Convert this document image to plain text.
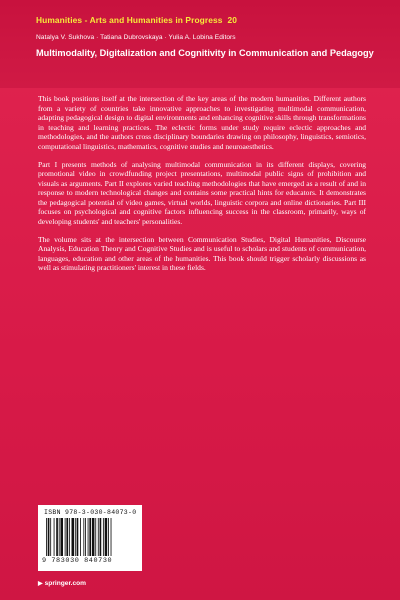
Humanities - Arts and Humanities in Progress 20
Natalya V. Sukhova · Tatiana Dubrovskaya · Yulia A. Lobina Editors
Multimodality, Digitalization and Cognitivity in Communication and Pedagogy

This book positions itself at the intersection of the key areas of the modern humanities. Different authors from a variety of countries take innovative approaches to investigating multimodal communication, adapting pedagogical design to digital environments and enhancing cognitive skills through transformations in teaching and learning practices. The eclectic forms under study require eclectic approaches and methodologies, and the authors cross disciplinary boundaries drawing on philosophy, linguistics, semiotics, computational linguistics, mathematics, cognitive studies and neuroaesthetics.

Part I presents methods of analysing multimodal communication in its different displays, covering promotional video in crowdfunding project presentations, multimodal public signs of prohibition and visuals as arguments. Part II explores varied teaching methodologies that have emerged as a result of and in response to modern technological changes and contains some practical hints for educators. It demonstrates the pedagogical potential of video games, virtual worlds, linguistic corpora and online dictionaries. Part III focuses on psychological and cognitive factors influencing success in the classroom, primarily, ways of developing students' and teachers' personalities.

The volume sits at the intersection between Communication Studies, Digital Humanities, Discourse Analysis, Education Theory and Cognitive Studies and is useful to scholars and students of communication, languages, education and other areas of the humanities. This book should trigger scholarly discussions as well as stimulating practitioners' interest in these fields.

ISBN 978-3-030-84073-0
9 783030 840730
▶ springer.com
